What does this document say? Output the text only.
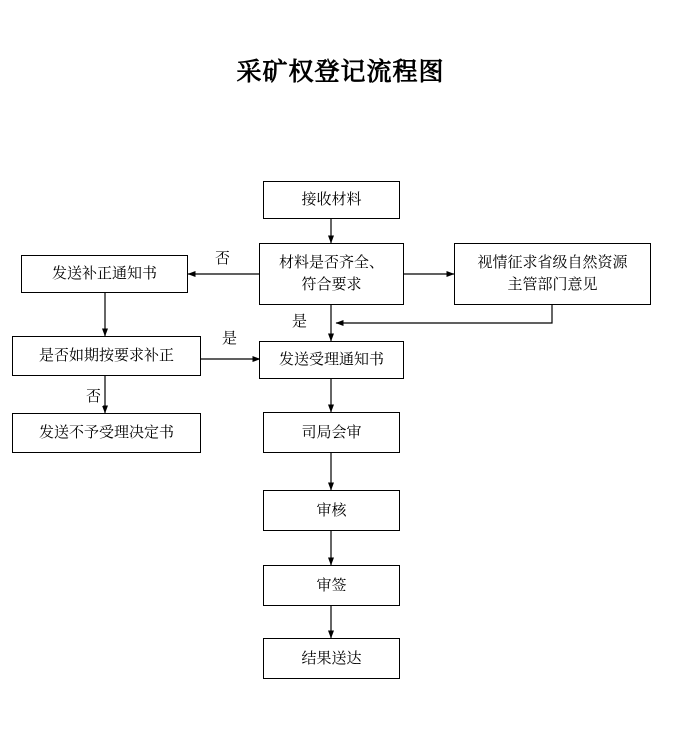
采矿权登记流程图
接收材料
材料是否齐全、
符合要求
视情征求省级自然资源
主管部门意见
发送补正通知书
是否如期按要求补正	发送受理通知书
发送不予受理决定书	司局会审
审核
审签
结果送达
否
是
是
否
